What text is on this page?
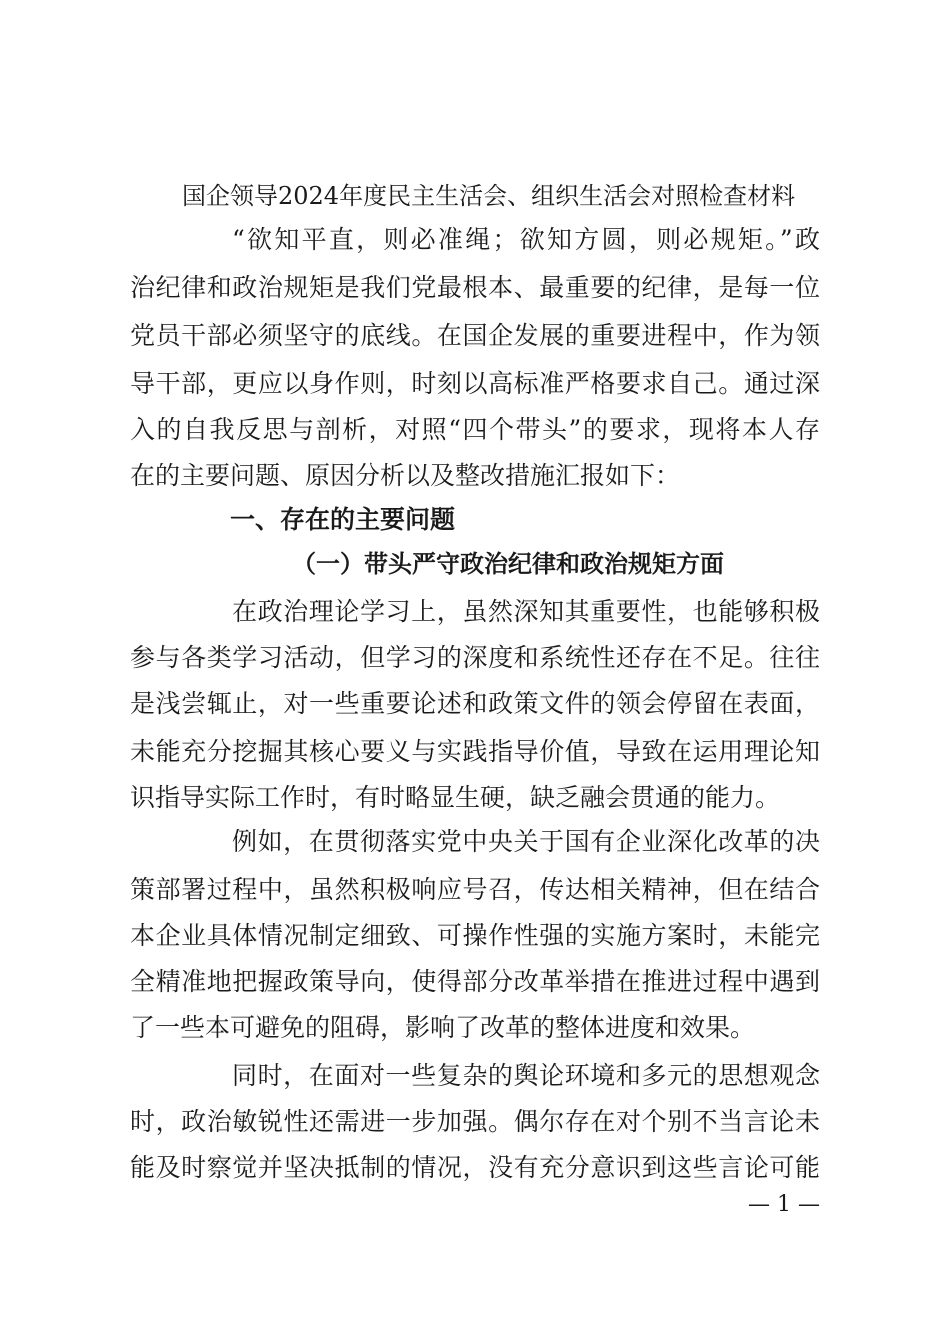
国企领导2024年度民主生活会、组织生活会对照检查材料
“欲知平直，则必准绳；欲知方圆，则必规矩。”政
治纪律和政治规矩是我们党最根本、最重要的纪律，是每一位
党员干部必须坚守的底线。在国企发展的重要进程中，作为领
导干部，更应以身作则，时刻以高标准严格要求自己。通过深
入的自我反思与剖析，对照“四个带头”的要求，现将本人存
在的主要问题、原因分析以及整改措施汇报如下：
一、存在的主要问题
（一）带头严守政治纪律和政治规矩方面
在政治理论学习上，虽然深知其重要性，也能够积极
参与各类学习活动，但学习的深度和系统性还存在不足。往往
是浅尝辄止，对一些重要论述和政策文件的领会停留在表面，
未能充分挖掘其核心要义与实践指导价值，导致在运用理论知
识指导实际工作时，有时略显生硬，缺乏融会贯通的能力。
例如，在贯彻落实党中央关于国有企业深化改革的决
策部署过程中，虽然积极响应号召，传达相关精神，但在结合
本企业具体情况制定细致、可操作性强的实施方案时，未能完
全精准地把握政策导向，使得部分改革举措在推进过程中遇到
了一些本可避免的阻碍，影响了改革的整体进度和效果。
同时，在面对一些复杂的舆论环境和多元的思想观念
时，政治敏锐性还需进一步加强。偶尔存在对个别不当言论未
能及时察觉并坚决抵制的情况，没有充分意识到这些言论可能
— 1 —
